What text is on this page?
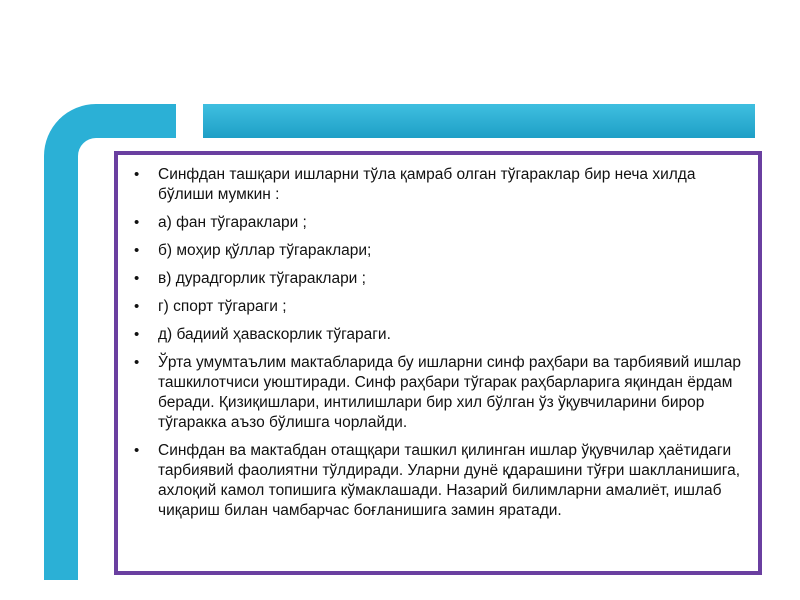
• Синфдан ташқари ишларни тўла қамраб олган тўгараклар бир неча хилда бўлиши мумкин :
• а) фан тўгараклари ;
• б) моҳир қўллар тўгараклари;
• в) дурадгорлик тўгараклари ;
• г) спорт тўгараги ;
• д) бадиий ҳаваскорлик тўгараги.
• Ўрта умумтаълим мактабларида бу ишларни синф раҳбари ва тарбиявий ишлар ташкилотчиси уюштиради. Синф раҳбари тўгарак раҳбарларига яқиндан ёрдам беради. Қизиқишлари, интилишлари бир хил бўлган ўз ўқувчиларини бирор тўгаракка аъзо бўлишга чорлайди.
• Синфдан ва мактабдан отащқари ташкил қилинган ишлар ўқувчилар ҳаётидаги тарбиявий фаолиятни тўлдиради. Уларни дунё қдарашини тўғри шаклланишига, ахлоқий камол топишига кўмаклашади. Назарий билимларни амалиёт, ишлаб чиқариш билан чамбарчас боғланишига замин яратади.
